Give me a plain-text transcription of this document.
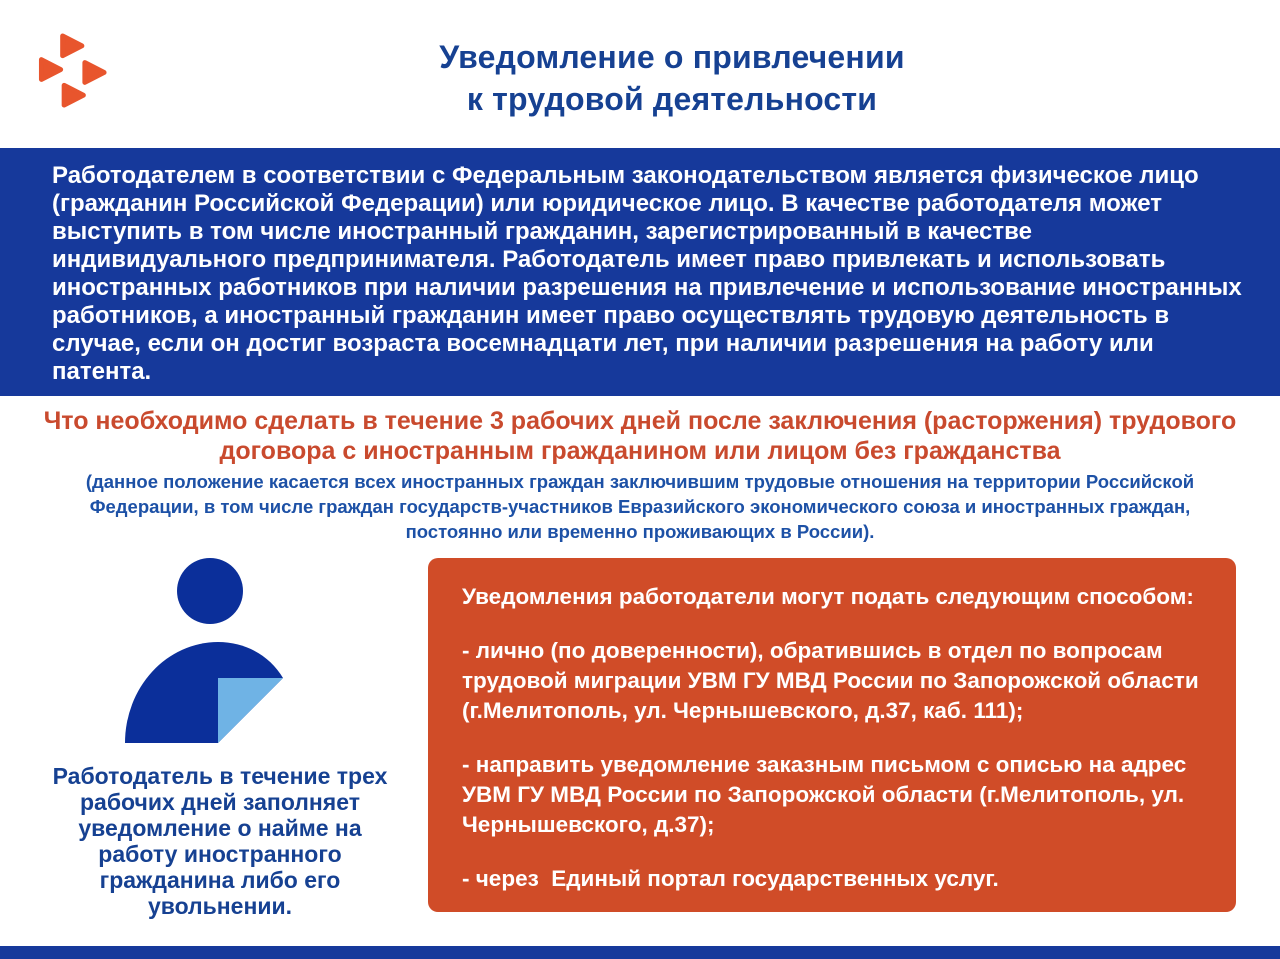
Уведомление о привлечении
к трудовой деятельности
Работодателем в соответствии с Федеральным законодательством является физическое лицо (гражданин Российской Федерации) или юридическое лицо. В качестве работодателя может выступить в том числе иностранный гражданин, зарегистрированный в качестве индивидуального предпринимателя. Работодатель имеет право привлекать и использовать иностранных работников при наличии разрешения на привлечение и использование иностранных работников, а иностранный гражданин имеет право осуществлять трудовую деятельность в случае, если он достиг возраста восемнадцати лет, при наличии разрешения на работу или патента.
Что необходимо сделать в течение 3 рабочих дней после заключения (расторжения) трудового договора с иностранным гражданином или лицом без гражданства
(данное положение касается всех иностранных граждан заключившим трудовые отношения на территории Российской Федерации, в том числе граждан государств-участников Евразийского экономического союза и иностранных граждан, постоянно или временно проживающих в России).
Работодатель в течение трех рабочих дней заполняет уведомление о найме на работу иностранного гражданина либо его увольнении.

Уведомления работодатели могут подать следующим способом:

- лично (по доверенности), обратившись в отдел по вопросам трудовой миграции УВМ ГУ МВД России по Запорожской области (г.Мелитополь, ул. Чернышевского, д.37, каб. 111);

- направить уведомление заказным письмом с описью на адрес УВМ ГУ МВД России по Запорожской области (г.Мелитополь, ул. Чернышевского, д.37);

- через  Единый портал государственных услуг.
